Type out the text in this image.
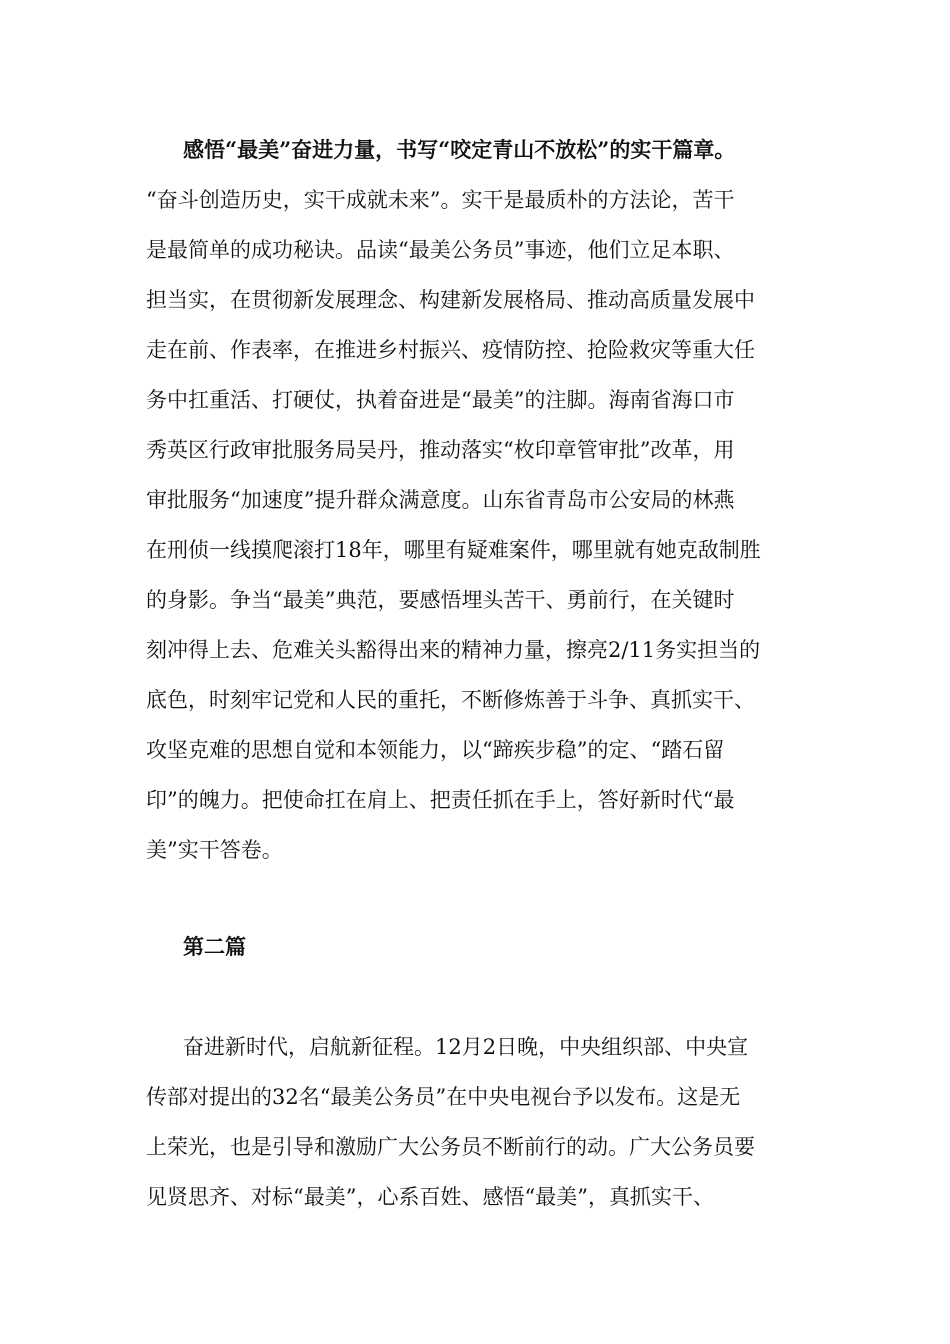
感悟“最美”奋进力量，书写“咬定青山不放松”的实干篇章。
“奋斗创造历史，实干成就未来”。实干是最质朴的方法论，苦干
是最简单的成功秘诀。品读“最美公务员”事迹，他们立足本职、
担当实，在贯彻新发展理念、构建新发展格局、推动高质量发展中
走在前、作表率，在推进乡村振兴、疫情防控、抢险救灾等重大任
务中扛重活、打硬仗，执着奋进是“最美”的注脚。海南省海口市
秀英区行政审批服务局吴丹，推动落实“枚印章管审批”改革，用
审批服务“加速度”提升群众满意度。山东省青岛市公安局的林燕
在刑侦一线摸爬滚打18年，哪里有疑难案件，哪里就有她克敌制胜
的身影。争当“最美”典范，要感悟埋头苦干、勇前行，在关键时
刻冲得上去、危难关头豁得出来的精神力量，擦亮2/11务实担当的
底色，时刻牢记党和人民的重托，不断修炼善于斗争、真抓实干、
攻坚克难的思想自觉和本领能力，以“蹄疾步稳”的定、“踏石留
印”的魄力。把使命扛在肩上、把责任抓在手上，答好新时代“最
美”实干答卷。
第二篇
奋进新时代，启航新征程。12月2日晚，中央组织部、中央宣
传部对提出的32名“最美公务员”在中央电视台予以发布。这是无
上荣光，也是引导和激励广大公务员不断前行的动。广大公务员要
见贤思齐、对标“最美”，心系百姓、感悟“最美”，真抓实干、
